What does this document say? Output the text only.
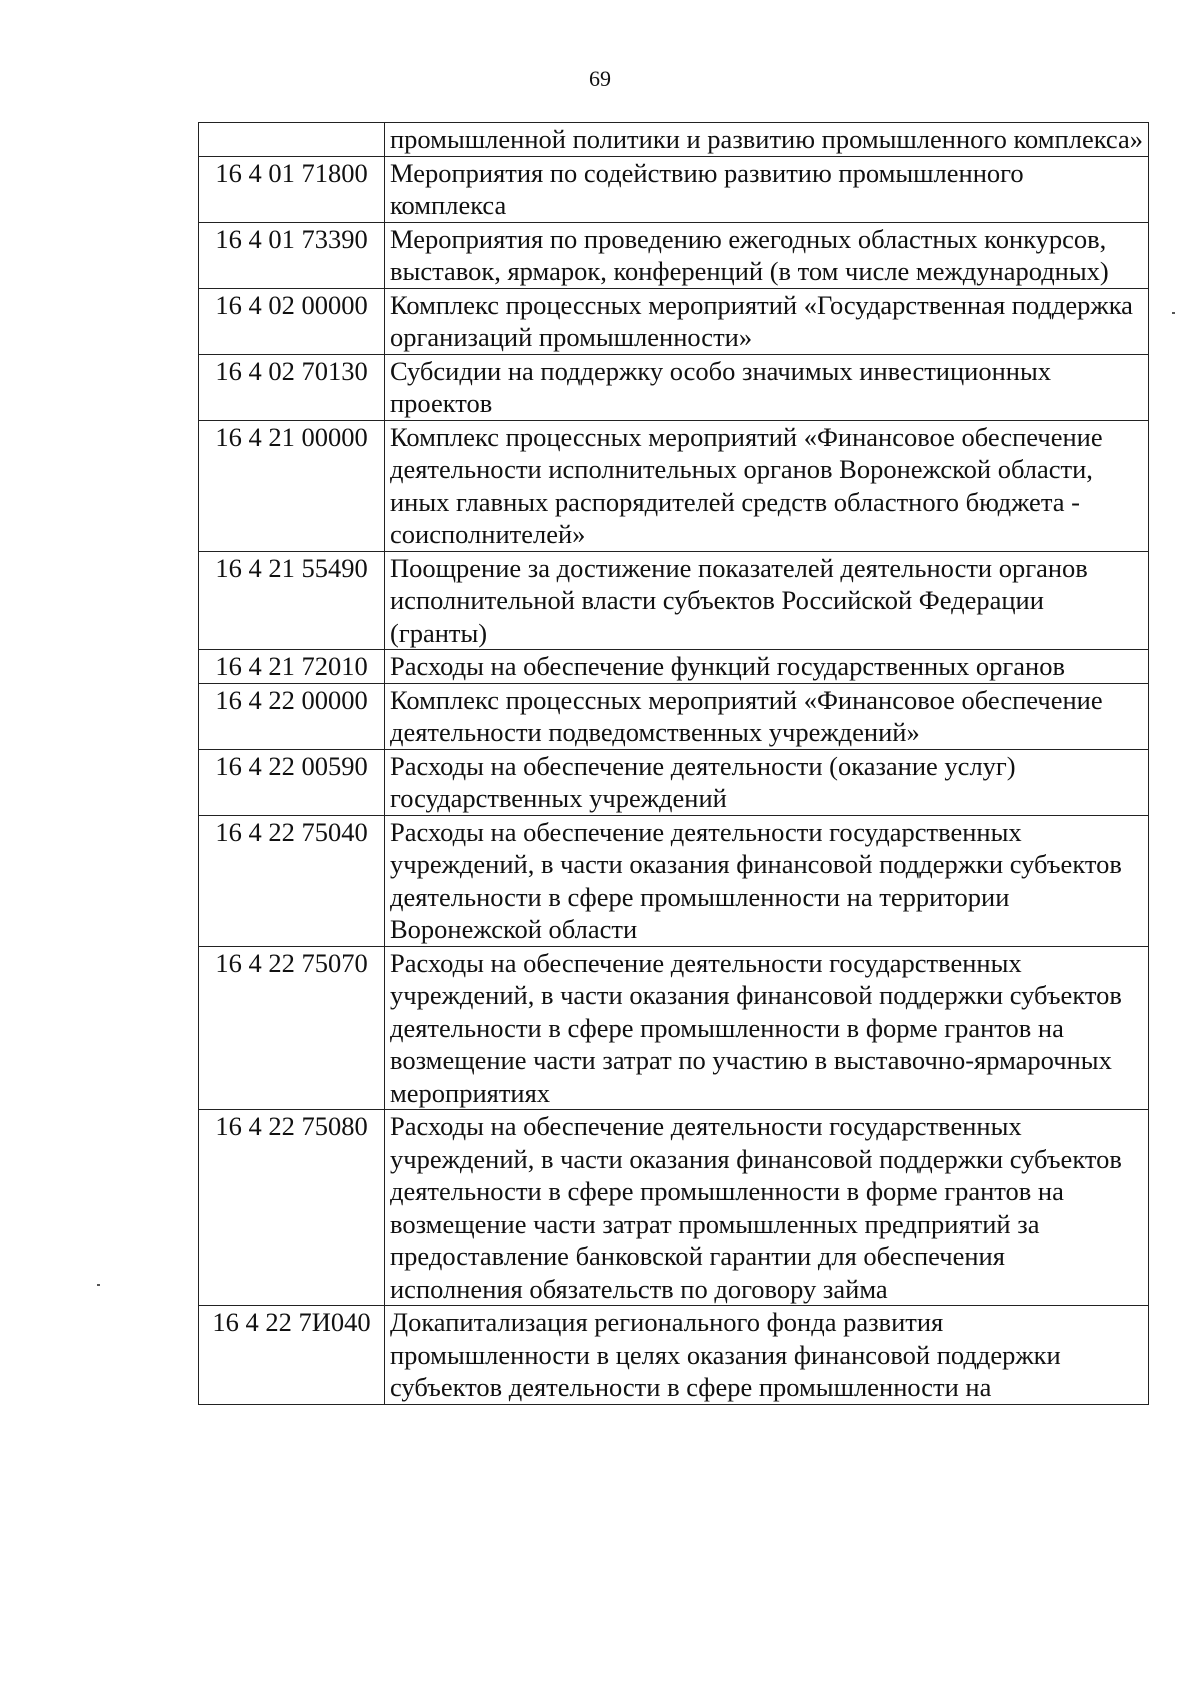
69
	промышленной политики и развитию промышленного комплекса»
16 4 01 71800	Мероприятия по содействию развитию промышленного комплекса
16 4 01 73390	Мероприятия по проведению ежегодных областных конкурсов, выставок, ярмарок, конференций (в том числе международных)
16 4 02 00000	Комплекс процессных мероприятий «Государственная поддержка организаций промышленности»
16 4 02 70130	Субсидии на поддержку особо значимых инвестиционных проектов
16 4 21 00000	Комплекс процессных мероприятий «Финансовое обеспечение деятельности исполнительных органов Воронежской области, иных главных распорядителей средств областного бюджета - соисполнителей»
16 4 21 55490	Поощрение за достижение показателей деятельности органов исполнительной власти субъектов Российской Федерации (гранты)
16 4 21 72010	Расходы на обеспечение функций государственных органов
16 4 22 00000	Комплекс процессных мероприятий «Финансовое обеспечение деятельности подведомственных учреждений»
16 4 22 00590	Расходы на обеспечение деятельности (оказание услуг) государственных учреждений
16 4 22 75040	Расходы на обеспечение деятельности государственных учреждений, в части оказания финансовой поддержки субъектов деятельности в сфере промышленности на территории Воронежской области
16 4 22 75070	Расходы на обеспечение деятельности государственных учреждений, в части оказания финансовой поддержки субъектов деятельности в сфере промышленности в форме грантов на возмещение части затрат по участию в выставочно-ярмарочных мероприятиях
16 4 22 75080	Расходы на обеспечение деятельности государственных учреждений, в части оказания финансовой поддержки субъектов деятельности в сфере промышленности в форме грантов на возмещение части затрат промышленных предприятий за предоставление банковской гарантии для обеспечения исполнения обязательств по договору займа
16 4 22 7И040	Докапитализация регионального фонда развития промышленности в целях оказания финансовой поддержки субъектов деятельности в сфере промышленности на
